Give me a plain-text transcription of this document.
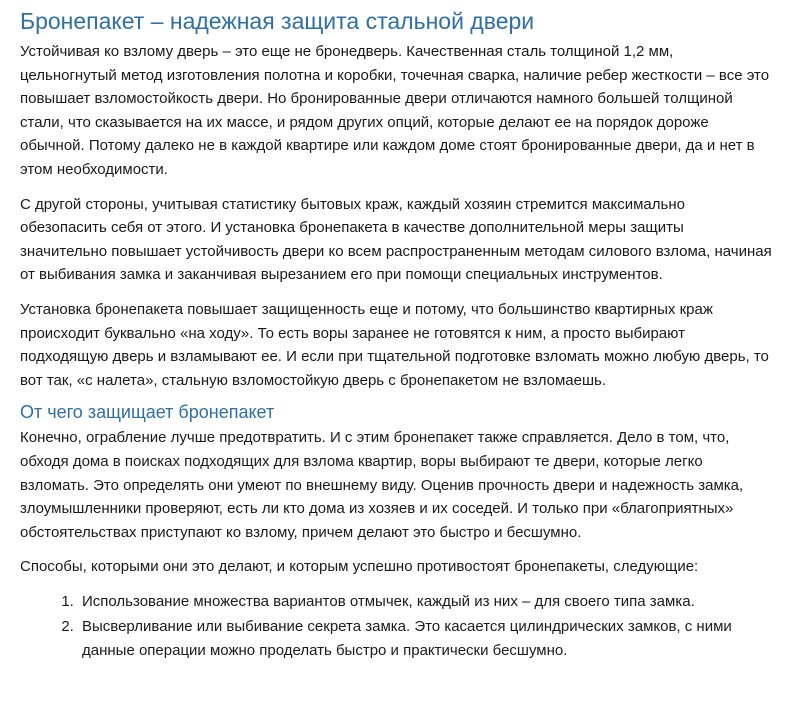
Бронепакет – надежная защита стальной двери

Устойчивая ко взлому дверь – это еще не бронедверь. Качественная сталь толщиной 1,2 мм, цельногнутый метод изготовления полотна и коробки, точечная сварка, наличие ребер жесткости – все это повышает взломостойкость двери. Но бронированные двери отличаются намного большей толщиной стали, что сказывается на их массе, и рядом других опций, которые делают ее на порядок дороже обычной. Потому далеко не в каждой квартире или каждом доме стоят бронированные двери, да и нет в этом необходимости.

С другой стороны, учитывая статистику бытовых краж, каждый хозяин стремится максимально обезопасить себя от этого. И установка бронепакета в качестве дополнительной меры защиты значительно повышает устойчивость двери ко всем распространенным методам силового взлома, начиная от выбивания замка и заканчивая вырезанием его при помощи специальных инструментов.

Установка бронепакета повышает защищенность еще и потому, что большинство квартирных краж происходит буквально «на ходу». То есть воры заранее не готовятся к ним, а просто выбирают подходящую дверь и взламывают ее. И если при тщательной подготовке взломать можно любую дверь, то вот так, «с налета», стальную взломостойкую дверь с бронепакетом не взломаешь.

От чего защищает бронепакет

Конечно, ограбление лучше предотвратить. И с этим бронепакет также справляется. Дело в том, что, обходя дома в поисках подходящих для взлома квартир, воры выбирают те двери, которые легко взломать. Это определять они умеют по внешнему виду. Оценив прочность двери и надежность замка, злоумышленники проверяют, есть ли кто дома из хозяев и их соседей. И только при «благоприятных» обстоятельствах приступают ко взлому, причем делают это быстро и бесшумно.

Способы, которыми они это делают, и которым успешно противостоят бронепакеты, следующие:

1. Использование множества вариантов отмычек, каждый из них – для своего типа замка.
2. Высверливание или выбивание секрета замка. Это касается цилиндрических замков, с ними данные операции можно проделать быстро и практически бесшумно.
